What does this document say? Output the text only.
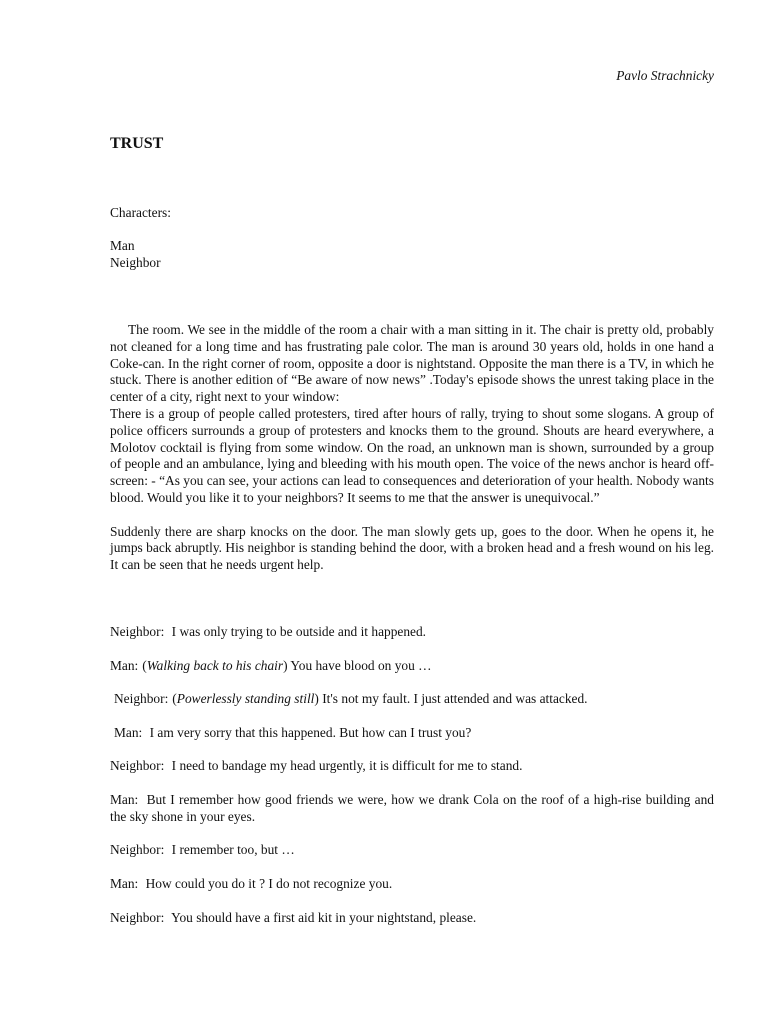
Pavlo Strachnicky
TRUST
Characters:
Man
Neighbor

The room. We see in the middle of the room a chair with a man sitting in it. The chair is pretty old, probably not cleaned for a long time and has frustrating pale color. The man is around 30 years old, holds in one hand a Coke-can. In the right corner of room, opposite a door is nightstand. Opposite the man there is a TV, in which he stuck. There is another edition of “Be aware of now news” .Today's episode shows the unrest taking place in the center of a city, right next to your window:

There is a group of people called protesters, tired after hours of rally, trying to shout some slogans. A group of police officers surrounds a group of protesters and knocks them to the ground. Shouts are heard everywhere, a Molotov cocktail is flying from some window. On the road, an unknown man is shown, surrounded by a group of people and an ambulance, lying and bleeding with his mouth open. The voice of the news anchor is heard off-screen: - “As you can see, your actions can lead to consequences and deterioration of your health. Nobody wants blood. Would you like it to your neighbors? It seems to me that the answer is unequivocal.”

Suddenly there are sharp knocks on the door. The man slowly gets up, goes to the door. When he opens it, he jumps back abruptly. His neighbor is standing behind the door, with a broken head and a fresh wound on his leg. It can be seen that he needs urgent help.

Neighbor: I was only trying to be outside and it happened.

Man: (Walking back to his chair) You have blood on you …

Neighbor: (Powerlessly standing still) It's not my fault. I just attended and was attacked.

Man: I am very sorry that this happened. But how can I trust you?

Neighbor: I need to bandage my head urgently, it is difficult for me to stand.

Man: But I remember how good friends we were, how we drank Cola on the roof of a high-rise building and the sky shone in your eyes.

Neighbor: I remember too, but …

Man: How could you do it ? I do not recognize you.

Neighbor: You should have a first aid kit in your nightstand, please.
